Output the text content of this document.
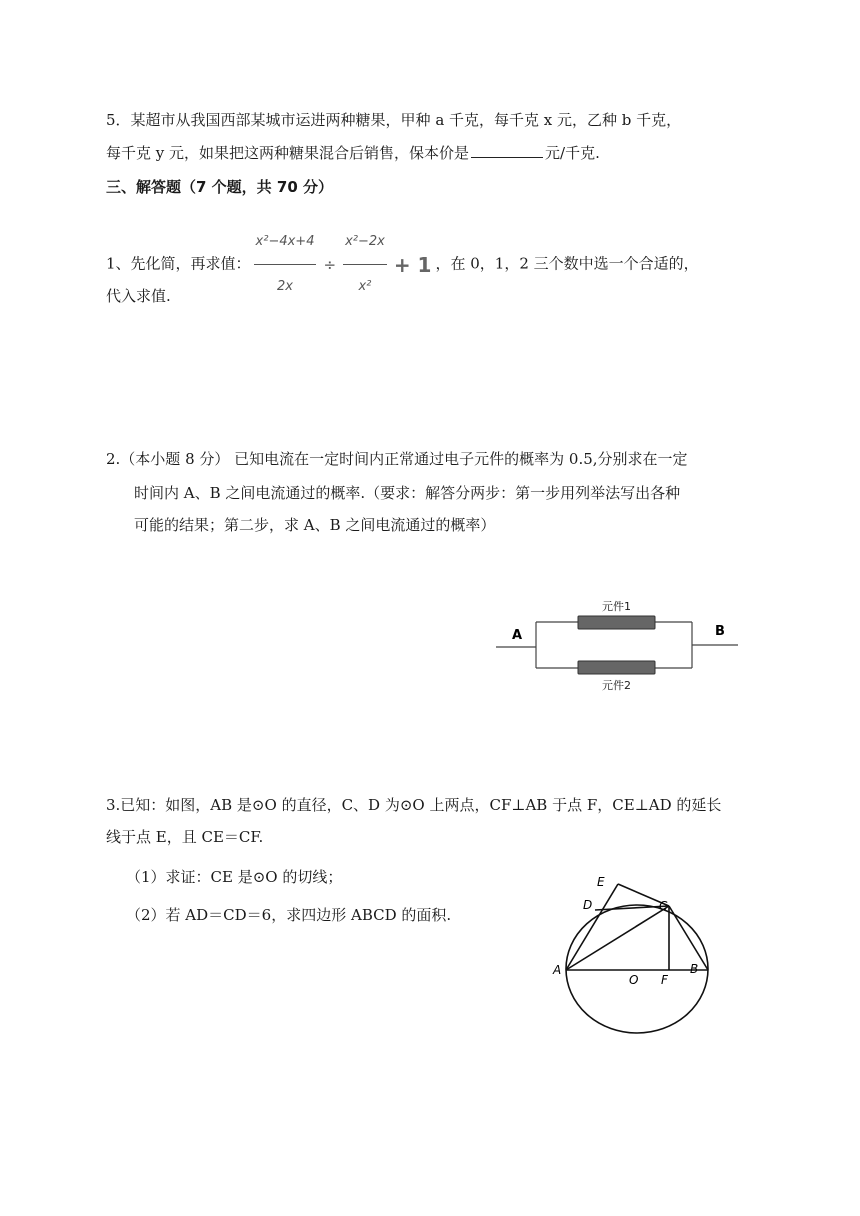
5．某超市从我国西部某城市运进两种糖果，甲种 a 千克，每千克 x 元，乙种 b 千克，
每千克 y 元，如果把这两种糖果混合后销售，保本价是	元/千克.
三、解答题（7 个题，共 70 分）
1、先化简，再求值： $\frac{\text{x²−4x+4}}{2x} \div \frac{\text{x²−2x}}{\text{x²}} + 1$ ，在 0，1，2 三个数中选一个合适的，
代入求值.
2.（本小题 8 分） 已知电流在一定时间内正常通过电子元件的概率为 0.5,分别求在一定
时间内 A、B 之间电流通过的概率.（要求：解答分两步：第一步用列举法写出各种
可能的结果；第二步，求 A、B 之间电流通过的概率）
A	B
元件2
元件1
3.已知：如图，AB 是⊙O 的直径，C、D 为⊙O 上两点，CF⊥AB 于点 F，CE⊥AD 的延长
线于点 E，且 CE＝CF.
（1）求证：CE 是⊙O 的切线；
（2）若 AD＝CD＝6，求四边形 ABCD 的面积.
E
D	C
A	B
O F
